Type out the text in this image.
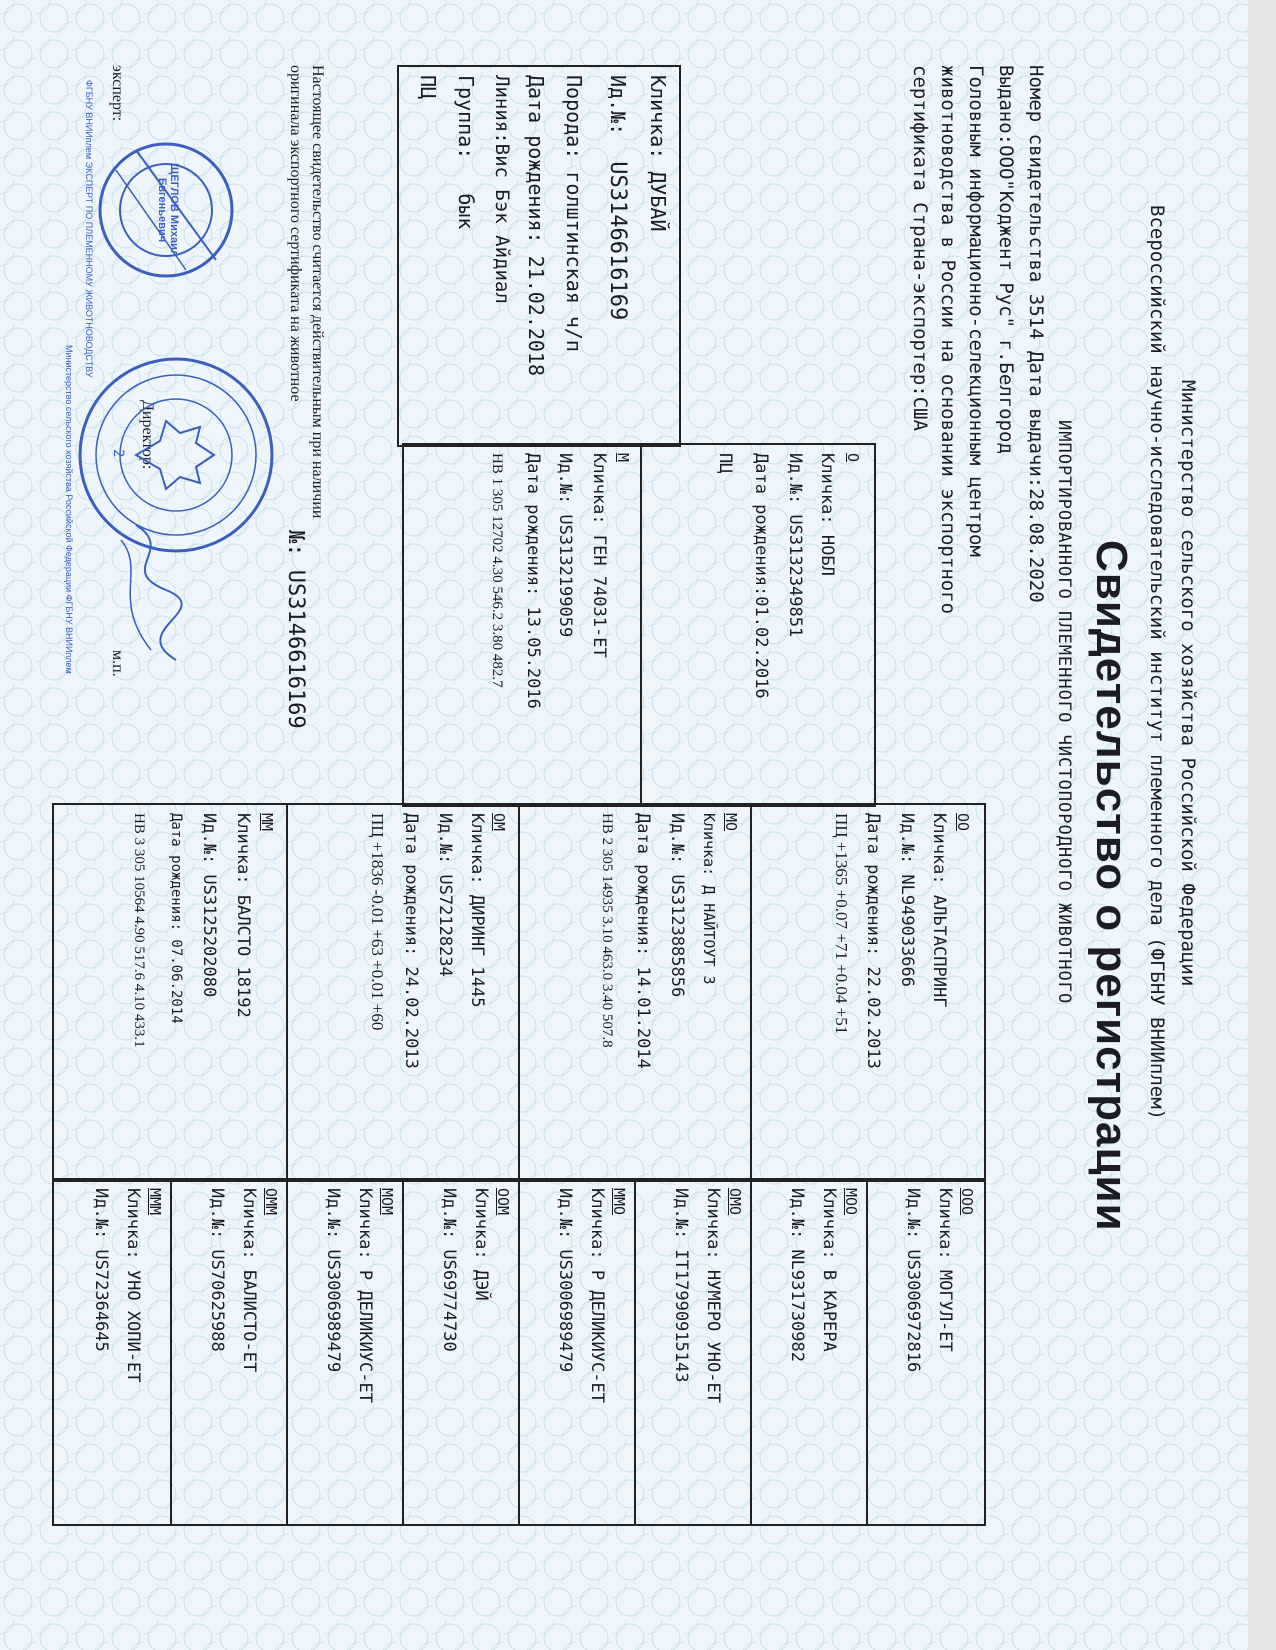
Министерство сельского хозяйства Российской Федерации
Всероссийский научно-исследовательский институт племенного дела (ФГБНУ ВНИИплем)
Свидетельство о регистрации
ИМПОРТИРОВАННОГО ПЛЕМЕННОГО ЧИСТОПОРОДНОГО ЖИВОТНОГО
Номер свидетельства 3514 Дата выдачи:28.08.2020
Выдано:ООО"Коджент Рус" г.Белгород
Головным информационно-селекционным центром
животноводства в России на основании экспортного
сертификата Страна-экспортер:США
Кличка: ДУБАЙ
Ид.№: US3146616169
Порода: голштинская ч/п
Дата рождения: 21.02.2018
Линия:Вис Бэк Айдиал
Группа: бык
ПЦ
О
Кличка: НОБЛ
Ид.№: US3132349851
Дата рождения:01.02.2016
ПЦ
М
Кличка: ГЕН 74031-ЕТ
Ид.№: US3132199059
Дата рождения: 13.05.2016
HB 1 305 12702 4.30 546.2 3.80 482.7
ОО
Кличка: АЛЬТАСПРИНГ
Ид.№: NL949033666
Дата рождения: 22.02.2013
ПЦ +1365 +0.07 +71 +0.04 +51
МО
Кличка: Д НАЙТОУТ 3
Ид.№: US3123885856
Дата рождения: 14.01.2014
HB 2 305 14935 3.10 463.0 3.40 507.8
ОМ
Кличка: ДИРИНГ 1445
Ид.№: US72128234
Дата рождения: 24.02.2013
ПЦ +1836 -0.01 +63 +0.01 +60
ММ
Кличка: БАЛСТО 18192
Ид.№: US3125202080
Дата рождения: 07.06.2014
HB 3 305 10564 4.90 517.6 4.10 433.1
ООО
Кличка: МОГУЛ-ЕТ
Ид.№: US3006972816
МОО
Кличка: В КАРЕРА
Ид.№: NL931730982
ОМО
Кличка: НУМЕРО УНО-ЕТ
Ид.№: IT17990915143
ММО
Кличка: Р ДЕЛИКИУС-ЕТ
Ид.№: US3006989479
ООМ
Кличка: ДЭЙ
Ид.№: US69774730
МОМ
Кличка: Р ДЕЛИКИУС-ЕТ
Ид.№: US3006989479
ОММ
Кличка: БАЛИСТО-ЕТ
Ид.№: US70625988
МММ
Кличка: УНО ХОПИ-ЕТ
Ид.№: US72364645
Настоящее свидетельство считается действительным при наличии
оригинала экспортного сертификата на животное
№: US3146616169
эксперт:
Директор:
м.п.
ЩЕГЛОВ Михаил Евгеньевич
ФГБНУ ВНИИплем ЭКСПЕРТ ПО ПЛЕМЕННОМУ ЖИВОТНОВОДСТВУ
2
Министерство сельского хозяйства Российской Федерации ФГБНУ ВНИИплем
